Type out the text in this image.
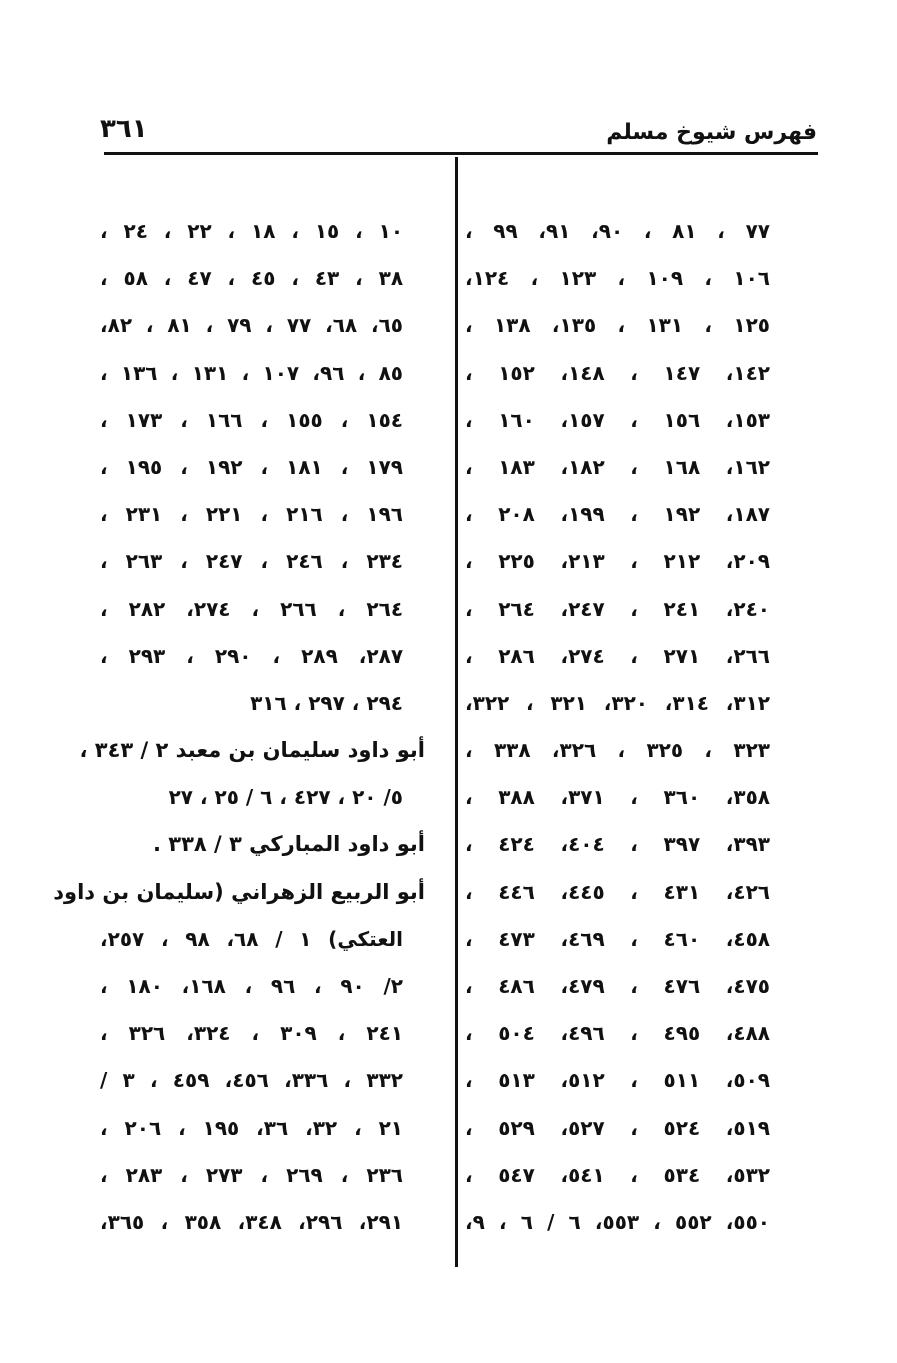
فهرس شيوخ مسلم
٣٦١
٧٧ ، ٨١ ، ٩٠، ٩١، ٩٩ ،
١٠٦ ، ١٠٩ ، ١٢٣ ، ١٢٤،
١٢٥ ، ١٣١ ، ١٣٥، ١٣٨ ،
١٤٢، ١٤٧ ، ١٤٨، ١٥٢ ،
١٥٣، ١٥٦ ، ١٥٧، ١٦٠ ،
١٦٢، ١٦٨ ، ١٨٢، ١٨٣ ،
١٨٧، ١٩٢ ، ١٩٩، ٢٠٨ ،
٢٠٩، ٢١٢ ، ٢١٣، ٢٢٥ ،
٢٤٠، ٢٤١ ، ٢٤٧، ٢٦٤ ،
٢٦٦، ٢٧١ ، ٢٧٤، ٢٨٦ ،
٣١٢، ٣١٤، ٣٢٠، ٣٢١ ، ٣٢٢،
٣٢٣ ، ٣٢٥ ، ٣٢٦، ٣٣٨ ،
٣٥٨، ٣٦٠ ، ٣٧١، ٣٨٨ ،
٣٩٣، ٣٩٧ ، ٤٠٤، ٤٢٤ ،
٤٢٦، ٤٣١ ، ٤٤٥، ٤٤٦ ،
٤٥٨، ٤٦٠ ، ٤٦٩، ٤٧٣ ،
٤٧٥، ٤٧٦ ، ٤٧٩، ٤٨٦ ،
٤٨٨، ٤٩٥ ، ٤٩٦، ٥٠٤ ،
٥٠٩، ٥١١ ، ٥١٢، ٥١٣ ،
٥١٩، ٥٢٤ ، ٥٢٧، ٥٢٩ ،
٥٣٢، ٥٣٤ ، ٥٤١، ٥٤٧ ،
٥٥٠، ٥٥٢ ، ٥٥٣، ٦ / ٦ ، ٩،
١٠ ، ١٥ ، ١٨ ، ٢٢ ، ٢٤ ،
٣٨ ، ٤٣ ، ٤٥ ، ٤٧ ، ٥٨ ،
٦٥، ٦٨، ٧٧ ، ٧٩ ، ٨١ ، ٨٢،
٨٥ ، ٩٦، ١٠٧ ، ١٣١ ، ١٣٦ ،
١٥٤ ، ١٥٥ ، ١٦٦ ، ١٧٣ ،
١٧٩ ، ١٨١ ، ١٩٢ ، ١٩٥ ،
١٩٦ ، ٢١٦ ، ٢٢١ ، ٢٣١ ،
٢٣٤ ، ٢٤٦ ، ٢٤٧ ، ٢٦٣ ،
٢٦٤ ، ٢٦٦ ، ٢٧٤، ٢٨٢ ،
٢٨٧، ٢٨٩ ، ٢٩٠ ، ٢٩٣ ،
٢٩٤ ، ٢٩٧ ، ٣١٦
أبو داود سليمان بن معبد ٢ / ٣٤٣ ،
٥/ ٢٠ ، ٤٢٧ ، ٦ / ٢٥ ، ٢٧
أبو داود المباركي ٣ / ٣٣٨ .
أبو الربيع الزهراني (سليمان بن داود
العتكي) ١ / ٦٨، ٩٨ ، ٢٥٧،
٢/ ٩٠ ، ٩٦ ، ١٦٨، ١٨٠ ،
٢٤١ ، ٣٠٩ ، ٣٢٤، ٣٢٦ ،
٣٣٢ ، ٣٣٦، ٤٥٦، ٤٥٩ ، ٣ /
٢١ ، ٣٢، ٣٦، ١٩٥ ، ٢٠٦ ،
٢٣٦ ، ٢٦٩ ، ٢٧٣ ، ٢٨٣ ،
٢٩١، ٢٩٦، ٣٤٨، ٣٥٨ ، ٣٦٥،
